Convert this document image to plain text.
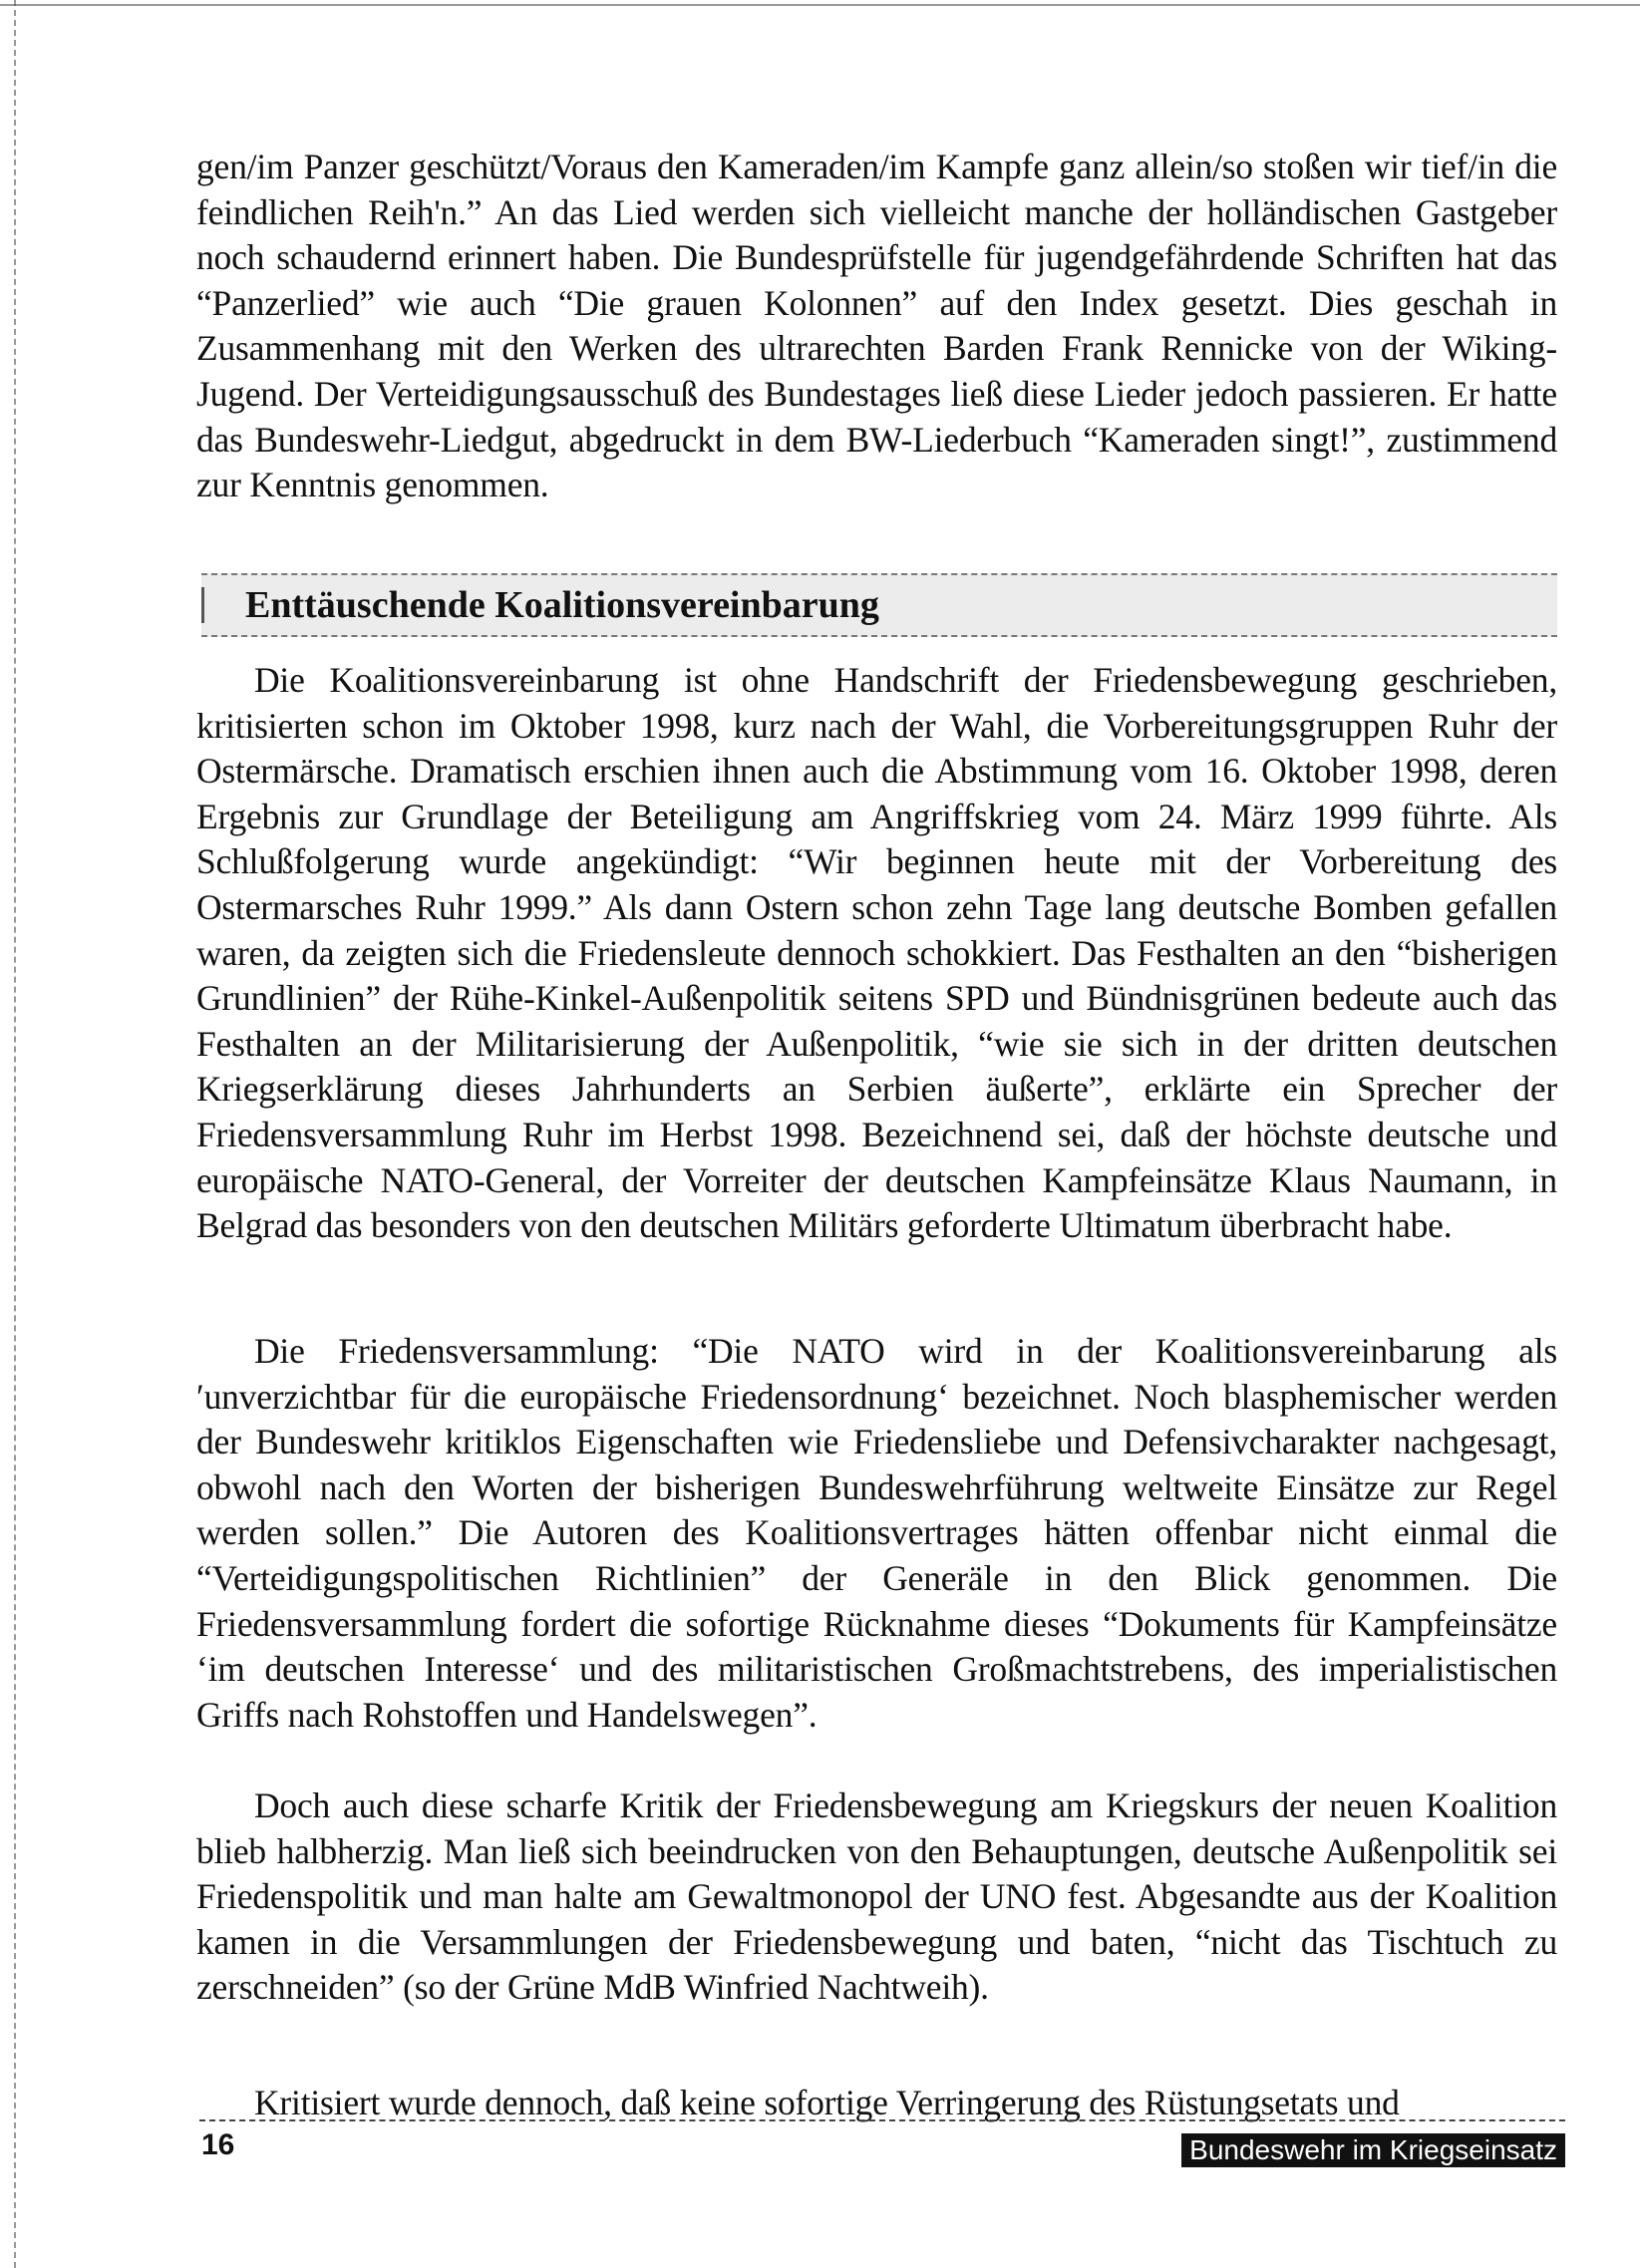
gen/im Panzer geschützt/Voraus den Kameraden/im Kampfe ganz allein/so stoßen wir tief/in die feindlichen Reih'n.” An das Lied werden sich vielleicht manche der holländischen Gastgeber noch schaudernd erinnert haben. Die Bundesprüfstelle für jugendgefährdende Schriften hat das “Panzerlied” wie auch “Die grauen Kolonnen” auf den Index gesetzt. Dies geschah in Zusammenhang mit den Werken des ultrarechten Barden Frank Rennicke von der Wiking-Jugend. Der Verteidigungsausschuß des Bundestages ließ diese Lieder jedoch passieren. Er hatte das Bundeswehr-Liedgut, abgedruckt in dem BW-Liederbuch “Kameraden singt!”, zustimmend zur Kenntnis genommen.

Enttäuschende Koalitionsvereinbarung

Die Koalitionsvereinbarung ist ohne Handschrift der Friedensbewegung geschrieben, kritisierten schon im Oktober 1998, kurz nach der Wahl, die Vorbereitungsgruppen Ruhr der Ostermärsche. Dramatisch erschien ihnen auch die Abstimmung vom 16. Oktober 1998, deren Ergebnis zur Grundlage der Beteiligung am Angriffskrieg vom 24. März 1999 führte. Als Schlußfolgerung wurde angekündigt: “Wir beginnen heute mit der Vorbereitung des Ostermarsches Ruhr 1999.” Als dann Ostern schon zehn Tage lang deutsche Bomben gefallen waren, da zeigten sich die Friedensleute dennoch schokkiert. Das Festhalten an den “bisherigen Grundlinien” der Rühe-Kinkel-Außenpolitik seitens SPD und Bündnisgrünen bedeute auch das Festhalten an der Militarisierung der Außenpolitik, “wie sie sich in der dritten deutschen Kriegserklärung dieses Jahrhunderts an Serbien äußerte”, erklärte ein Sprecher der Friedensversammlung Ruhr im Herbst 1998. Bezeichnend sei, daß der höchste deutsche und europäische NATO-General, der Vorreiter der deutschen Kampfeinsätze Klaus Naumann, in Belgrad das besonders von den deutschen Militärs geforderte Ultimatum überbracht habe.

Die Friedensversammlung: “Die NATO wird in der Koalitionsvereinbarung als ′unverzichtbar für die europäische Friedensordnung‘ bezeichnet. Noch blasphemischer werden der Bundeswehr kritiklos Eigenschaften wie Friedensliebe und Defensivcharakter nachgesagt, obwohl nach den Worten der bisherigen Bundeswehrführung weltweite Einsätze zur Regel werden sollen.” Die Autoren des Koalitionsvertrages hätten offenbar nicht einmal die “Verteidigungspolitischen Richtlinien” der Generäle in den Blick genommen. Die Friedensversammlung fordert die sofortige Rücknahme dieses “Dokuments für Kampfeinsätze ‘im deutschen Interesse‘ und des militaristischen Großmachtstrebens, des imperialistischen Griffs nach Rohstoffen und Handelswegen”.

Doch auch diese scharfe Kritik der Friedensbewegung am Kriegskurs der neuen Koalition blieb halbherzig. Man ließ sich beeindrucken von den Behauptungen, deutsche Außenpolitik sei Friedenspolitik und man halte am Gewaltmonopol der UNO fest. Abgesandte aus der Koalition kamen in die Versammlungen der Friedensbewegung und baten, “nicht das Tischtuch zu zerschneiden” (so der Grüne MdB Winfried Nachtweih).

Kritisiert wurde dennoch, daß keine sofortige Verringerung des Rüstungsetats und

16	Bundeswehr im Kriegseinsatz
